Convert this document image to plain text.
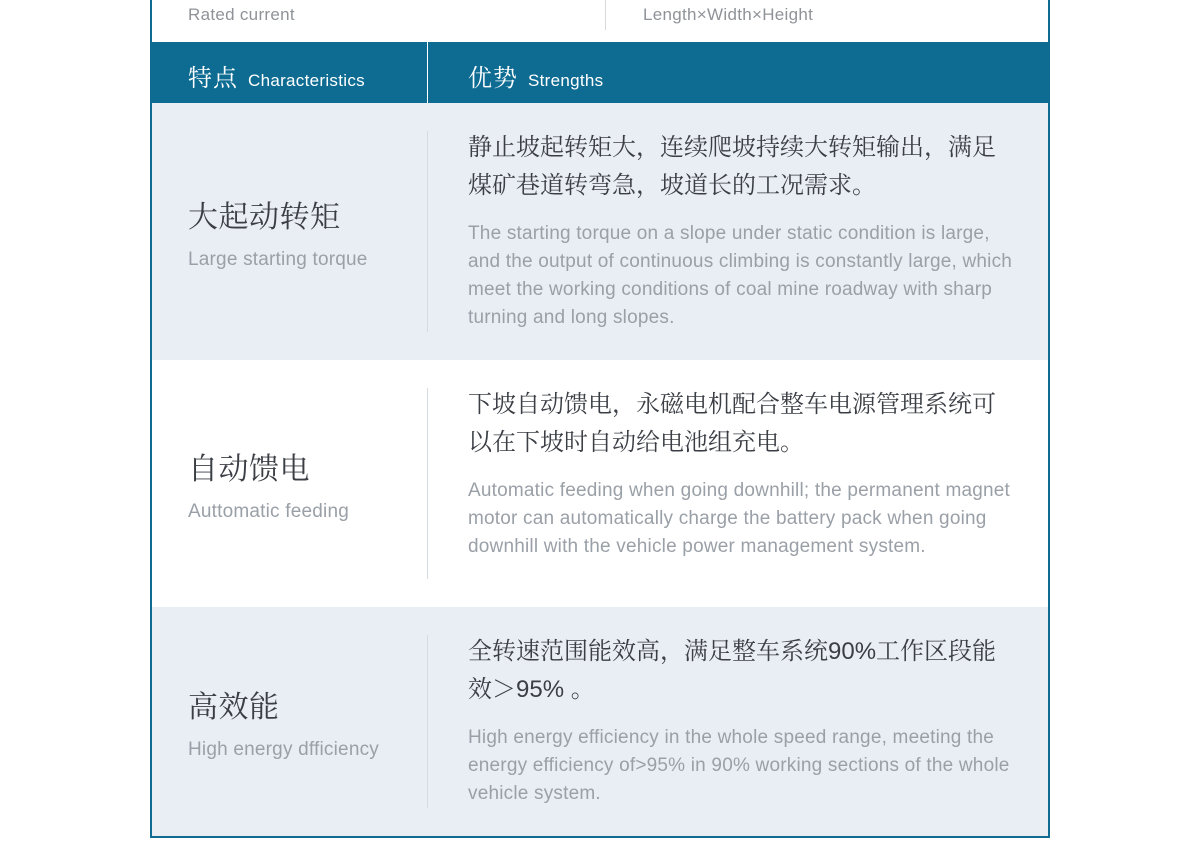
Rated current	Length×Width×Height
特点 Characteristics	优势 Strengths
大起动转矩
Large starting torque
静止坡起转矩大，连续爬坡持续大转矩输出，满足煤矿巷道转弯急，坡道长的工况需求。
The starting torque on a slope under static condition is large, and the output of continuous climbing is constantly large, which meet the working conditions of coal mine roadway with sharp turning and long slopes.
自动馈电
Auttomatic feeding
下坡自动馈电，永磁电机配合整车电源管理系统可以在下坡时自动给电池组充电。
Automatic feeding when going downhill; the permanent magnet motor can automatically charge the battery pack when going downhill with the vehicle power management system.
高效能
High energy dfficiency
全转速范围能效高，满足整车系统90%工作区段能效＞95% 。
High energy efficiency in the whole speed range, meeting the energy efficiency of>95% in 90% working sections of the whole vehicle system.
